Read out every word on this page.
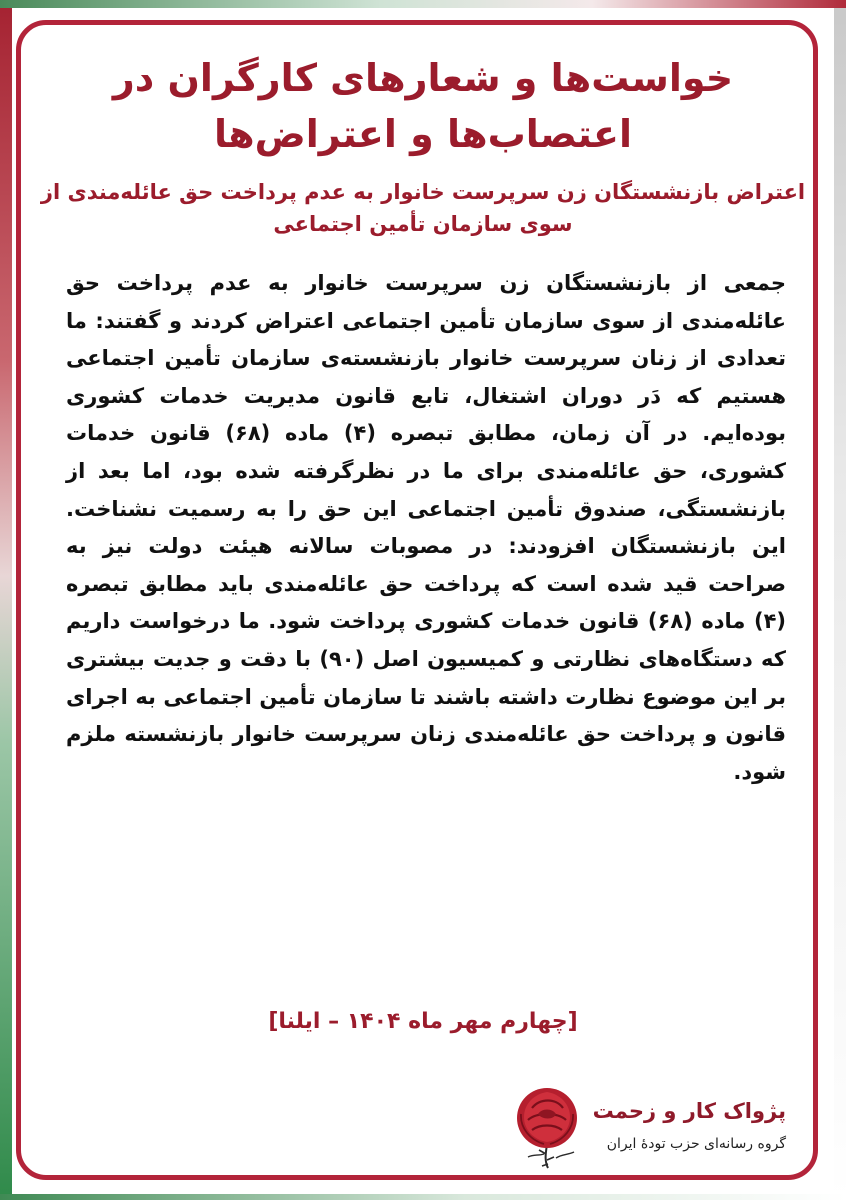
خواست‌ها و شعارهای کارگران در اعتصاب‌ها و اعتراض‌ها
اعتراض بازنشستگان زن سرپرست خانوار به عدم پرداخت حق عائله‌مندی از سوی سازمان تأمین اجتماعی

جمعی از بازنشستگان زن سرپرست خانوار به عدم پرداخت حق عائله‌مندی از سوی سازمان تأمین اجتماعی اعتراض کردند و گفتند: ما تعدادی از زنان سرپرست خانوار بازنشسته‌ی سازمان تأمین اجتماعی هستیم که دَر دوران اشتغال، تابع قانون مدیریت خدمات کشوری بوده‌ایم. در آن زمان، مطابق تبصره (۴) ماده (۶۸) قانون خدمات کشوری، حق عائله‌مندی برای ما در نظرگرفته شده بود، اما بعد از بازنشستگی، صندوق تأمین اجتماعی این حق را به رسمیت نشناخت. این بازنشستگان افزودند: در مصوبات سالانه هیئت دولت نیز به صراحت قید شده است که پرداخت حق عائله‌مندی باید مطابق تبصره (۴) ماده (۶۸) قانون خدمات کشوری پرداخت شود. ما درخواست داریم که دستگاه‌های نظارتی و کمیسیون اصل (۹۰) با دقت و جدیت بیشتری بر این موضوع نظارت داشته باشند تا سازمان تأمین اجتماعی به اجرای قانون و پرداخت حق عائله‌مندی زنان سرپرست خانوار بازنشسته ملزم شود.

[چهارم مهر ماه ۱۴۰۴ – ایلنا]
پژواک کار و زحمت
گروه رسانه‌ای حزب تودهٔ ایران
